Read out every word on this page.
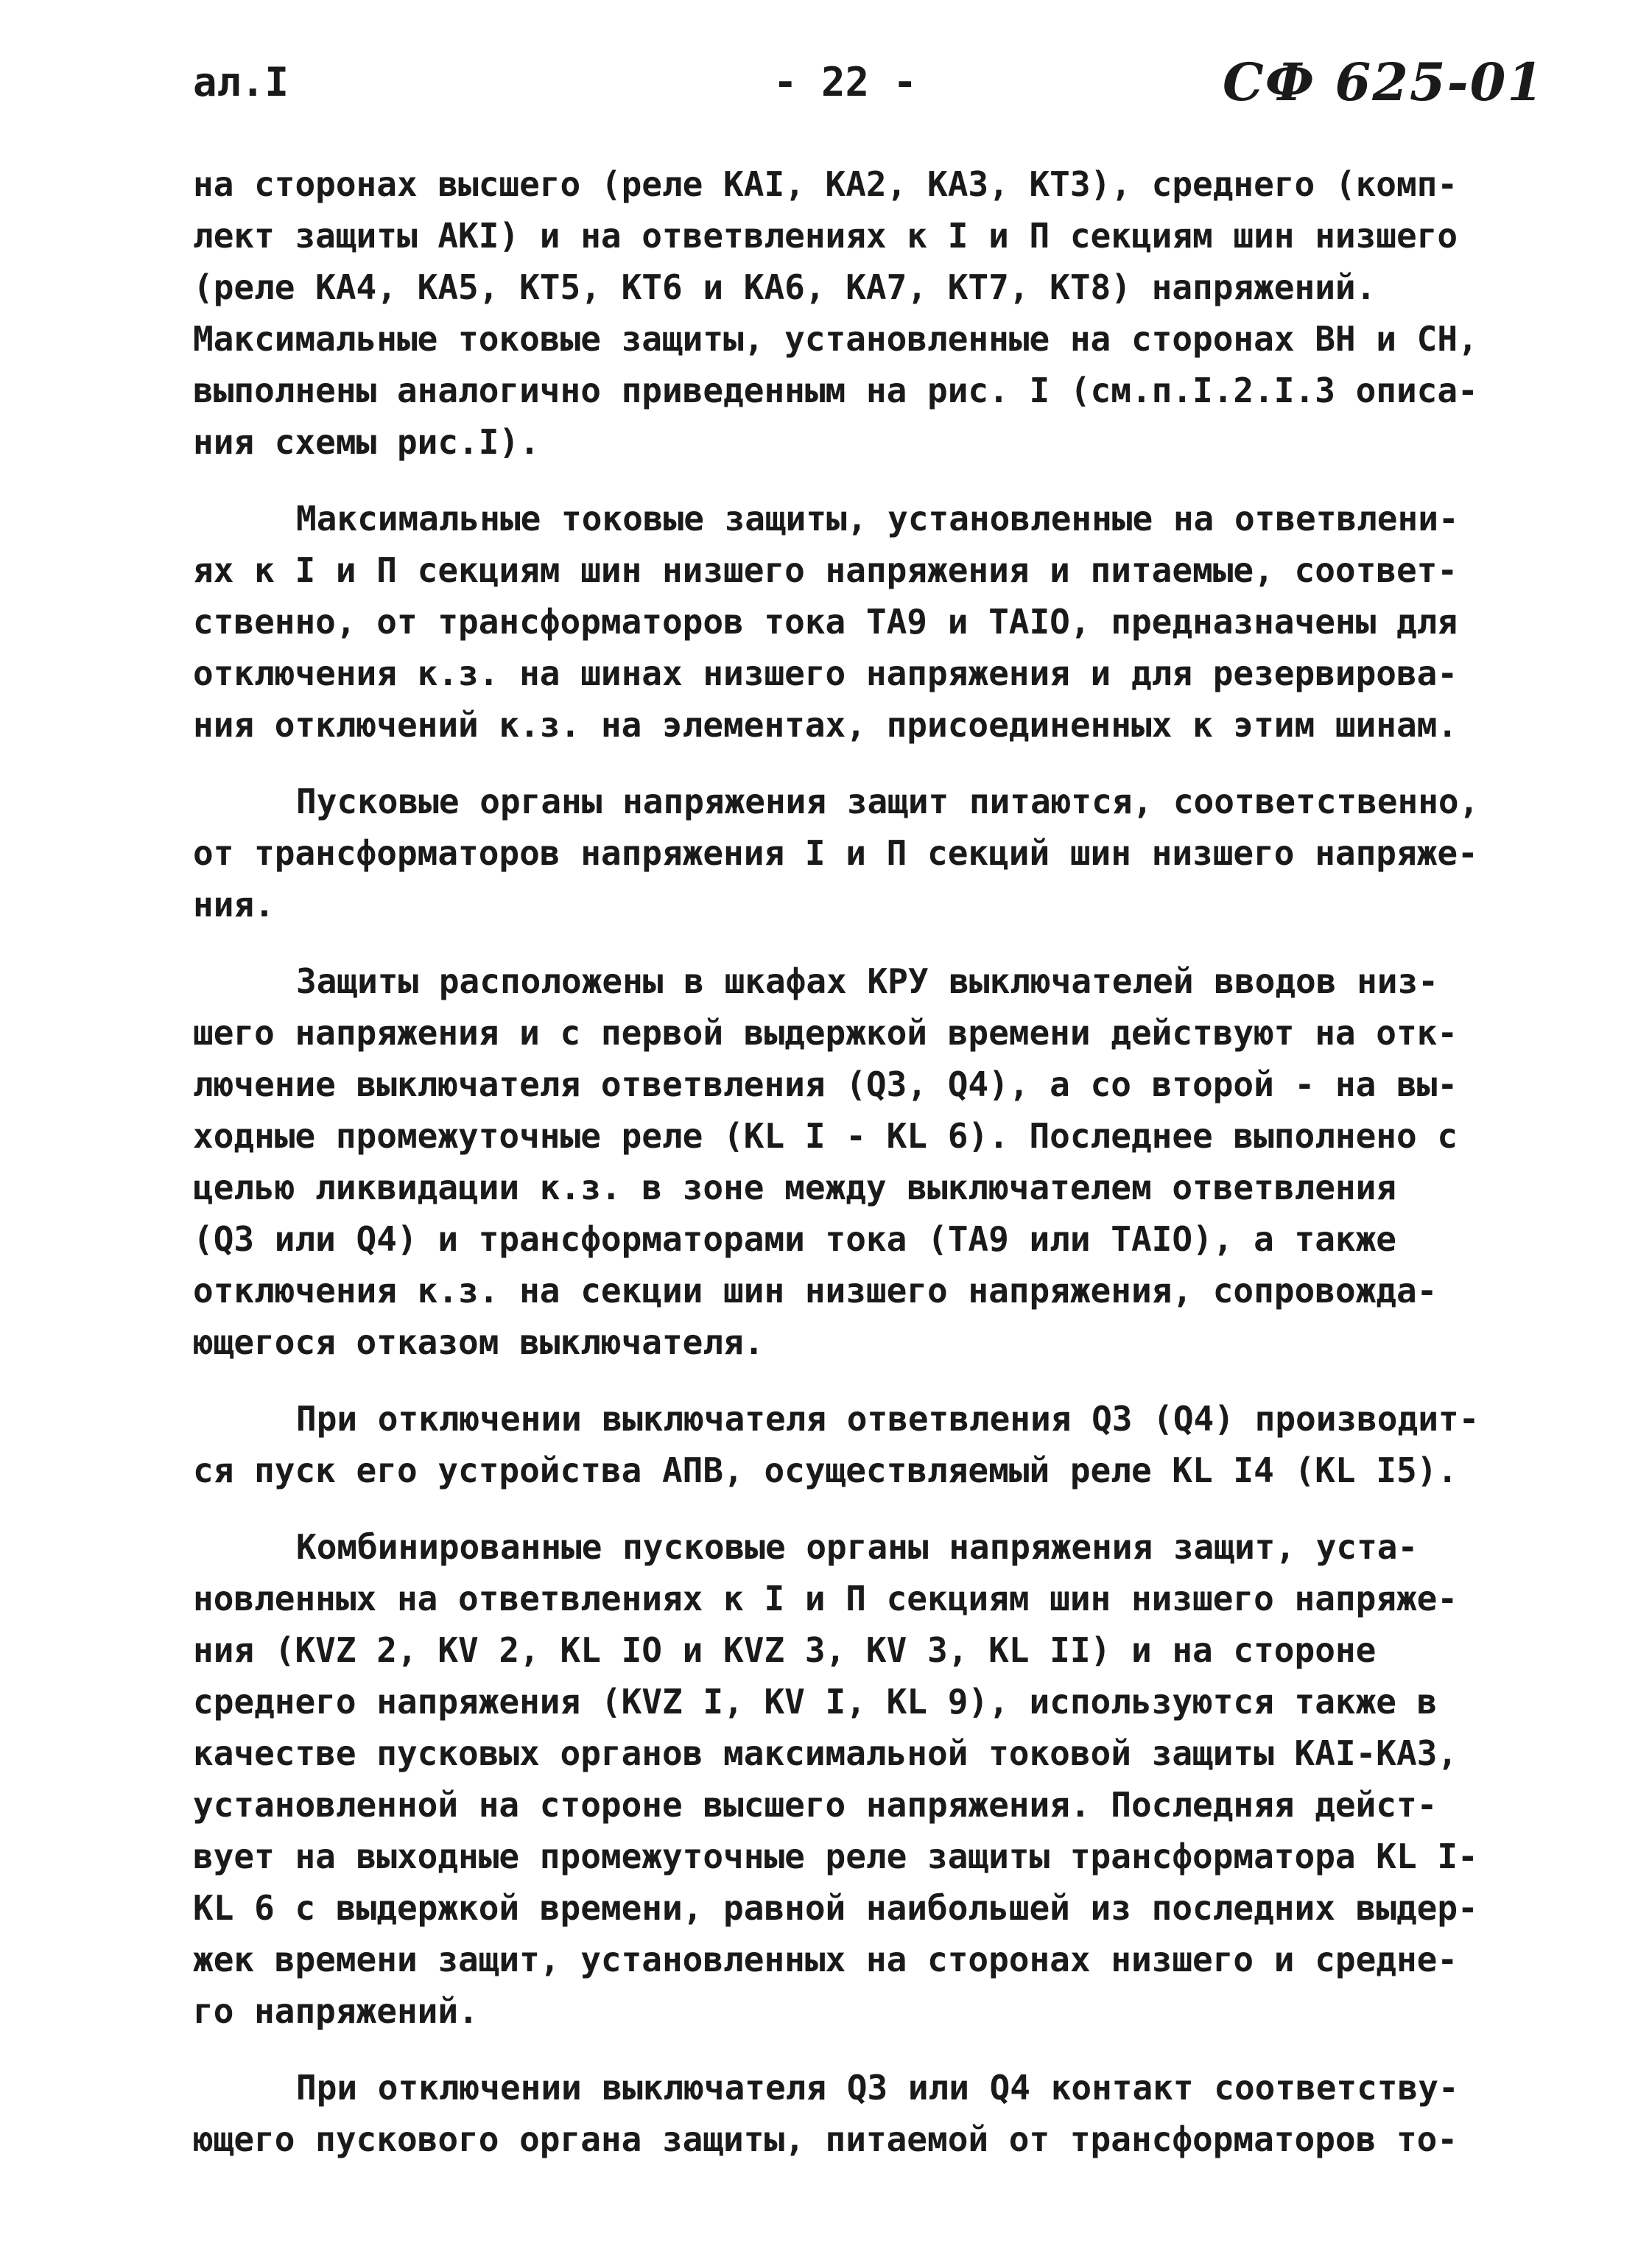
ал.I	- 22 -	СФ 625-01
на сторонах высшего (реле КАI, КА2, КА3, КТ3), среднего (комп-
лект защиты АКI) и на ответвлениях к I и П секциям шин низшего
(реле КА4, КА5, КТ5, КТ6 и КА6, КА7, КТ7, КТ8) напряжений.
Максимальные токовые защиты, установленные на сторонах ВН и СН,
выполнены аналогично приведенным на рис. I (см.п.I.2.I.3 описа-
ния схемы рис.I).
Максимальные токовые защиты, установленные на ответвлени-
ях к I и П секциям шин низшего напряжения и питаемые, соответ-
ственно, от трансформаторов тока ТА9 и ТАIО, предназначены для
отключения к.з. на шинах низшего напряжения и для резервирова-
ния отключений к.з. на элементах, присоединенных к этим шинам.
Пусковые органы напряжения защит питаются, соответственно,
от трансформаторов напряжения I и П секций шин низшего напряже-
ния.
Защиты расположены в шкафах КРУ выключателей вводов низ-
шего напряжения и с первой выдержкой времени действуют на отк-
лючение выключателя ответвления (Q3, Q4), а со второй - на вы-
ходные промежуточные реле (KL I - KL 6). Последнее выполнено с
целью ликвидации к.з. в зоне между выключателем ответвления
(Q3 или Q4) и трансформаторами тока (ТА9 или ТАIО), а также
отключения к.з. на секции шин низшего напряжения, сопровожда-
ющегося отказом выключателя.
При отключении выключателя ответвления Q3 (Q4) производит-
ся пуск его устройства АПВ, осуществляемый реле KL I4 (KL I5).
Комбинированные пусковые органы напряжения защит, уста-
новленных на ответвлениях к I и П секциям шин низшего напряже-
ния (KVZ 2, KV 2, KL IO и KVZ 3, KV 3, KL II) и на стороне
среднего напряжения (KVZ I, KV I, KL 9), используются также в
качестве пусковых органов максимальной токовой защиты КАI-КА3,
установленной на стороне высшего напряжения. Последняя дейст-
вует на выходные промежуточные реле защиты трансформатора KL I-
KL 6 с выдержкой времени, равной наибольшей из последних выдер-
жек времени защит, установленных на сторонах низшего и средне-
го напряжений.
При отключении выключателя Q3 или Q4 контакт соответству-
ющего пускового органа защиты, питаемой от трансформаторов то-
